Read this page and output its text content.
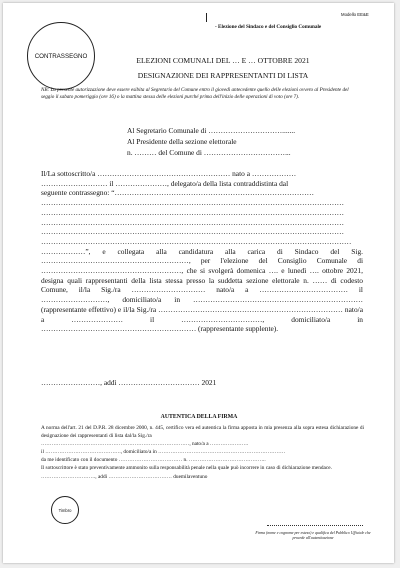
Modello EE&E
- Elezione del Sindaco e del Consiglio Comunale
CONTRASSEGNO	ELEZIONI COMUNALI DEL … E … OTTOBRE 2021
DESIGNAZIONE DEI RAPPRESENTANTI DI LISTA
NB: La presente autorizzazione deve essere esibita al Segretario del Comune entro il giovedì antecedente quello delle elezioni ovvero al Presidente del seggio il sabato pomeriggio (ore 16) o la mattina stessa delle elezioni purché prima dell'inizio delle operazioni di voto (ore 7).
Al Segretario Comunale di ………………………….......
Al Presidente della sezione elettorale
n. ……… del Comune di ……………………………...
Il/La sottoscritto/a ……………………………………………… nato a ………………
……………………… il …………………, delegato/a della lista contraddistinta dal
seguente contrassegno: “………………………………………………………………………
……………………………………………………………………………………………………………
……………………………………………………………………………………………………………
……………………………………………………………………………………………………………
……………………………………………………………………………………………………………
………………………………………………………………………………………………………………

………………”, e collegata alla candidatura alla carica di Sindaco del Sig. ……………………………………………………, per l'elezione del Consiglio Comunale di …………………………………………………, che si svolgerà domenica …. e lunedì …. ottobre 2021, designa quali rappresentanti della lista stessa presso la suddetta sezione elettorale n. …… di codesto Comune, il/la Sig./ra ………………………… nato/a a ……………………………… il ………………………, domiciliato/a in …………………………………………………………… (rappresentante effettivo) e il/la Sig./ra ………………………………………………………………… nato/a a ………………… il ……………………………, domiciliato/a in ……………………………………………………… (rappresentante supplente).

……………………, addì …………………………… 2021
AUTENTICA DELLA FIRMA

A norma dell'art. 21 del D.P.R. 28 dicembre 2000, n. 445, certifico vera ed autentica la firma apposta in mia presenza alla sopra estesa dichiarazione di designazione dei rappresentanti di lista dal/la Sig./ra

…………………………………………………………………………, nato/a a ………………….
il ……………………………………., domiciliato/a in ………………………………………………………………
da me identificato con il documento ……………………………… n. ……………………………………..

Il sottoscrittore è stato preventivamente ammonito sulla responsabilità penale nella quale può incorrere in caso di dichiarazione mendace.

…………………………., addì ……………………………… duemilaventuno
Timbro
Firma (nome e cognome per esteso) e qualifica del Pubblico Ufficiale che procede all'autenticazione
